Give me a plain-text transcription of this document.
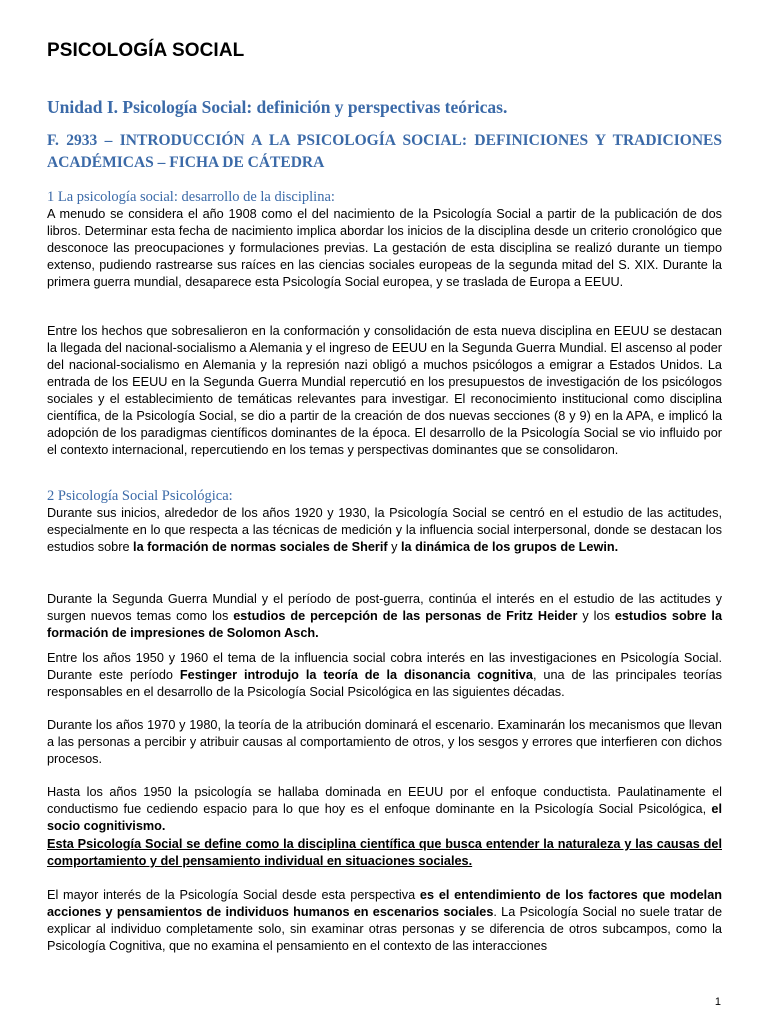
PSICOLOGÍA SOCIAL
Unidad I. Psicología Social: definición y perspectivas teóricas.
F. 2933 – INTRODUCCIÓN A LA PSICOLOGÍA SOCIAL: DEFINICIONES Y TRADICIONES ACADÉMICAS – FICHA DE CÁTEDRA

1 La psicología social: desarrollo de la disciplina:

A menudo se considera el año 1908 como el del nacimiento de la Psicología Social a partir de la publicación de dos libros. Determinar esta fecha de nacimiento implica abordar los inicios de la disciplina desde un criterio cronológico que desconoce las preocupaciones y formulaciones previas. La gestación de esta disciplina se realizó durante un tiempo extenso, pudiendo rastrearse sus raíces en las ciencias sociales europeas de la segunda mitad del S. XIX. Durante la primera guerra mundial, desaparece esta Psicología Social europea, y se traslada de Europa a EEUU.

Entre los hechos que sobresalieron en la conformación y consolidación de esta nueva disciplina en EEUU se destacan la llegada del nacional-socialismo a Alemania y el ingreso de EEUU en la Segunda Guerra Mundial. El ascenso al poder del nacional-socialismo en Alemania y la represión nazi obligó a muchos psicólogos a emigrar a Estados Unidos. La entrada de los EEUU en la Segunda Guerra Mundial repercutió en los presupuestos de investigación de los psicólogos sociales y el establecimiento de temáticas relevantes para investigar. El reconocimiento institucional como disciplina científica, de la Psicología Social, se dio a partir de la creación de dos nuevas secciones (8 y 9) en la APA, e implicó la adopción de los paradigmas científicos dominantes de la época. El desarrollo de la Psicología Social se vio influido por el contexto internacional, repercutiendo en los temas y perspectivas dominantes que se consolidaron.

2 Psicología Social Psicológica:

Durante sus inicios, alrededor de los años 1920 y 1930, la Psicología Social se centró en el estudio de las actitudes, especialmente en lo que respecta a las técnicas de medición y la influencia social interpersonal, donde se destacan los estudios sobre la formación de normas sociales de Sherif y la dinámica de los grupos de Lewin.

Durante la Segunda Guerra Mundial y el período de post-guerra, continúa el interés en el estudio de las actitudes y surgen nuevos temas como los estudios de percepción de las personas de Fritz Heider y los estudios sobre la formación de impresiones de Solomon Asch.

Entre los años 1950 y 1960 el tema de la influencia social cobra interés en las investigaciones en Psicología Social. Durante este período Festinger introdujo la teoría de la disonancia cognitiva, una de las principales teorías responsables en el desarrollo de la Psicología Social Psicológica en las siguientes décadas.

Durante los años 1970 y 1980, la teoría de la atribución dominará el escenario. Examinarán los mecanismos que llevan a las personas a percibir y atribuir causas al comportamiento de otros, y los sesgos y errores que interfieren con dichos procesos.

Hasta los años 1950 la psicología se hallaba dominada en EEUU por el enfoque conductista. Paulatinamente el conductismo fue cediendo espacio para lo que hoy es el enfoque dominante en la Psicología Social Psicológica, el socio cognitivismo.

Esta Psicología Social se define como la disciplina científica que busca entender la naturaleza y las causas del comportamiento y del pensamiento individual en situaciones sociales.

El mayor interés de la Psicología Social desde esta perspectiva es el entendimiento de los factores que modelan acciones y pensamientos de individuos humanos en escenarios sociales. La Psicología Social no suele tratar de explicar al individuo completamente solo, sin examinar otras personas y se diferencia de otros subcampos, como la Psicología Cognitiva, que no examina el pensamiento en el contexto de las interacciones

1
